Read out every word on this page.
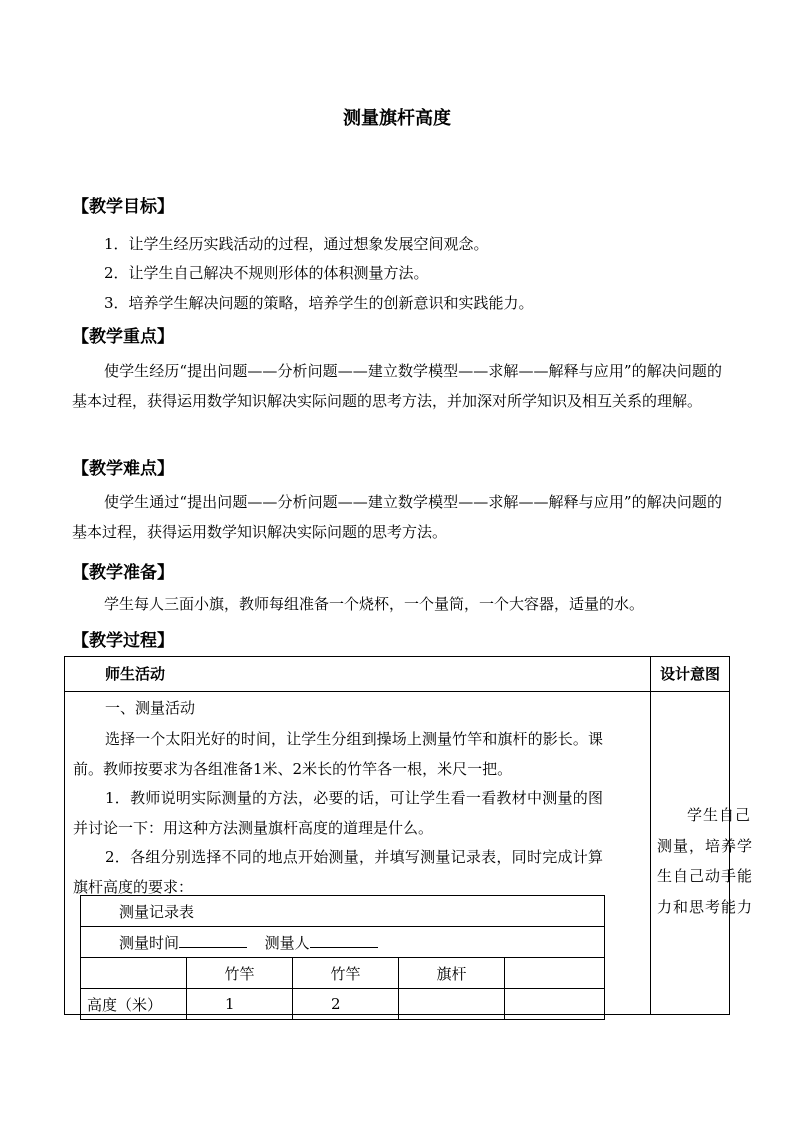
测量旗杆高度
【教学目标】
1．让学生经历实践活动的过程，通过想象发展空间观念。
2．让学生自己解决不规则形体的体积测量方法。
3．培养学生解决问题的策略，培养学生的创新意识和实践能力。
【教学重点】
使学生经历“提出问题——分析问题——建立数学模型——求解——解释与应用”的解决问题的基本过程，获得运用数学知识解决实际问题的思考方法，并加深对所学知识及相互关系的理解。
【教学难点】
使学生通过“提出问题——分析问题——建立数学模型——求解——解释与应用”的解决问题的基本过程，获得运用数学知识解决实际问题的思考方法。
【教学准备】
学生每人三面小旗，教师每组准备一个烧杯，一个量筒，一个大容器，适量的水。
【教学过程】
师生活动	设计意图

一、测量活动
选择一个太阳光好的时间，让学生分组到操场上测量竹竿和旗杆的影长。课前。教师按要求为各组准备1米、2米长的竹竿各一根，米尺一把。
1．教师说明实际测量的方法，必要的话，可让学生看一看教材中测量的图并讨论一下：用这种方法测量旗杆高度的道理是什么。
2．各组分别选择不同的地点开始测量，并填写测量记录表，同时完成计算旗杆高度的要求：
测量记录表
测量时间	测量人
	竹竿	竹竿	旗杆	
高度（米）	1	2		

学生自己测量，培养学生自己动手能力和思考能力
